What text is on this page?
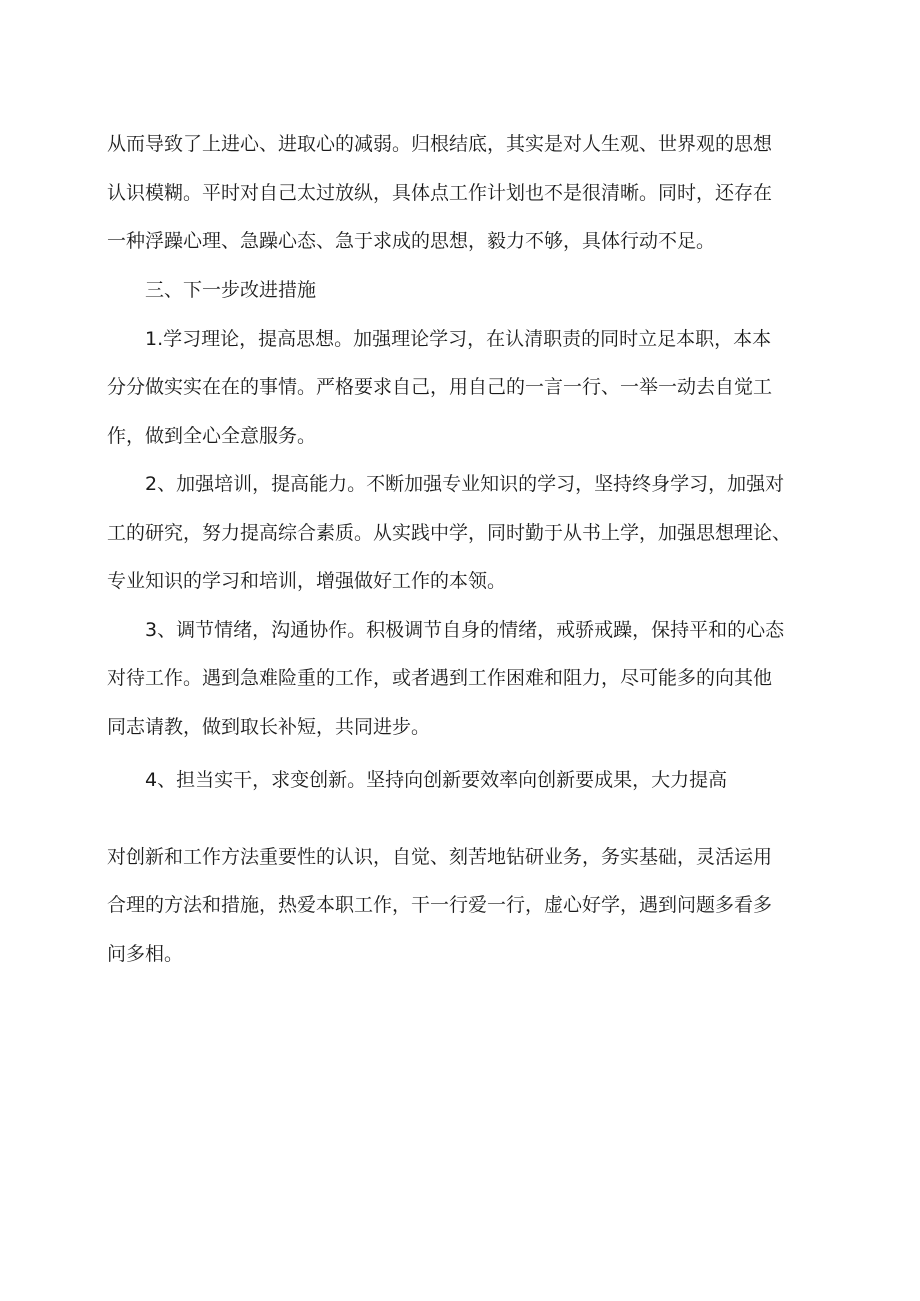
从而导致了上进心、进取心的减弱。归根结底，其实是对人生观、世界观的思想

认识模糊。平时对自己太过放纵，具体点工作计划也不是很清晰。同时，还存在

一种浮躁心理、急躁心态、急于求成的思想，毅力不够，具体行动不足。

三、下一步改进措施

1.学习理论，提高思想。加强理论学习，在认清职责的同时立足本职，本本

分分做实实在在的事情。严格要求自己，用自己的一言一行、一举一动去自觉工

作，做到全心全意服务。

2、加强培训，提高能力。不断加强专业知识的学习，坚持终身学习，加强对

工的研究，努力提高综合素质。从实践中学，同时勤于从书上学，加强思想理论、

专业知识的学习和培训，增强做好工作的本领。

3、调节情绪，沟通协作。积极调节自身的情绪，戒骄戒躁，保持平和的心态

对待工作。遇到急难险重的工作，或者遇到工作困难和阻力，尽可能多的向其他

同志请教，做到取长补短，共同进步。

4、担当实干，求变创新。坚持向创新要效率向创新要成果，大力提高

对创新和工作方法重要性的认识，自觉、刻苦地钻研业务，务实基础，灵活运用

合理的方法和措施，热爱本职工作，干一行爱一行，虚心好学，遇到问题多看多

问多相。
